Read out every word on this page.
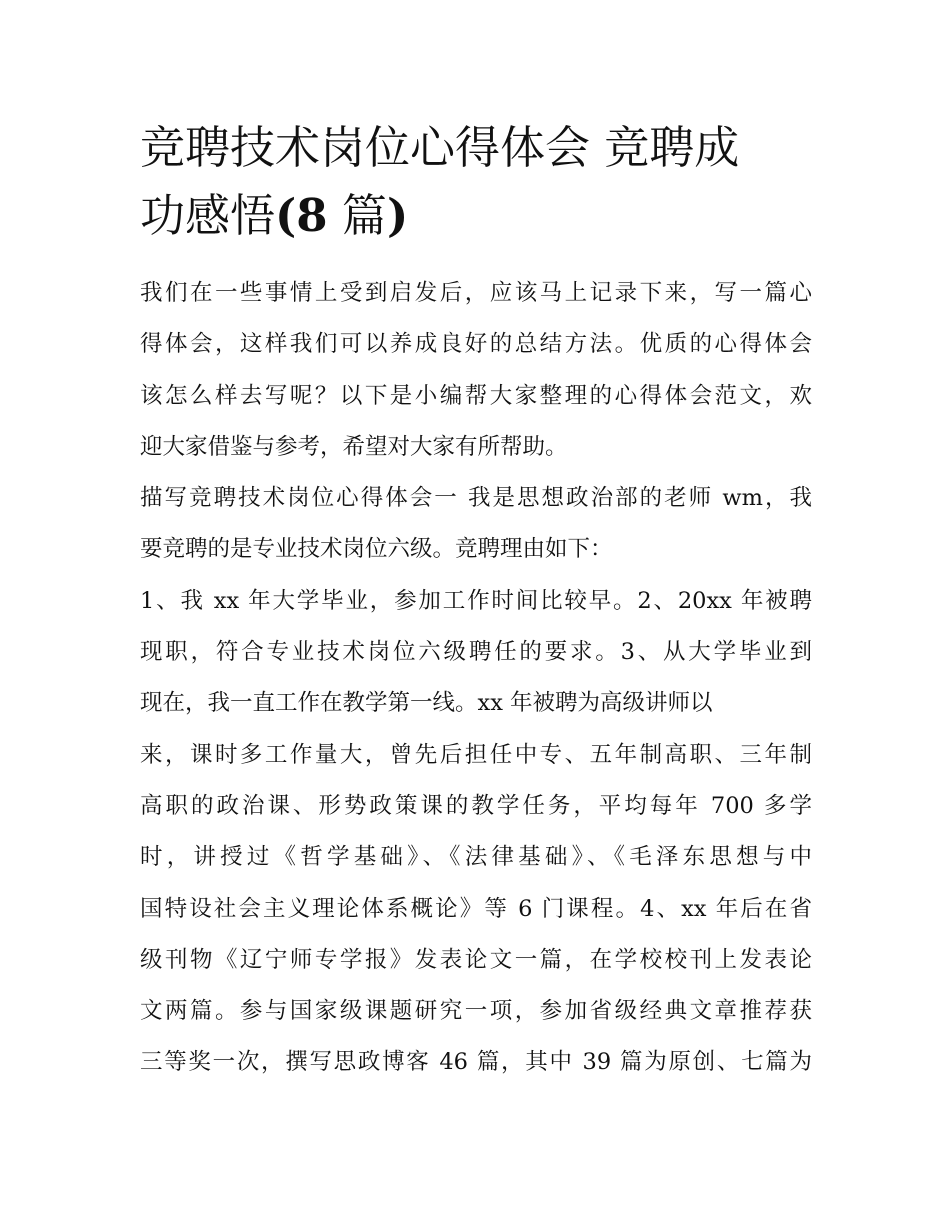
竞聘技术岗位心得体会 竞聘成
功感悟(8 篇)
我们在一些事情上受到启发后，应该马上记录下来，写一篇心
得体会，这样我们可以养成良好的总结方法。优质的心得体会
该怎么样去写呢？以下是小编帮大家整理的心得体会范文，欢
迎大家借鉴与参考，希望对大家有所帮助。
描写竞聘技术岗位心得体会一 我是思想政治部的老师 wm，我
要竞聘的是专业技术岗位六级。竞聘理由如下：
1、我 xx 年大学毕业，参加工作时间比较早。2、20xx 年被聘
现职，符合专业技术岗位六级聘任的要求。3、从大学毕业到
现在，我一直工作在教学第一线。xx 年被聘为高级讲师以
来，课时多工作量大，曾先后担任中专、五年制高职、三年制
高职的政治课、形势政策课的教学任务，平均每年 700 多学
时，讲授过《哲学基础》、《法律基础》、《毛泽东思想与中
国特设社会主义理论体系概论》等 6 门课程。4、xx 年后在省
级刊物《辽宁师专学报》发表论文一篇，在学校校刊上发表论
文两篇。参与国家级课题研究一项，参加省级经典文章推荐获
三等奖一次，撰写思政博客 46 篇，其中 39 篇为原创、七篇为
